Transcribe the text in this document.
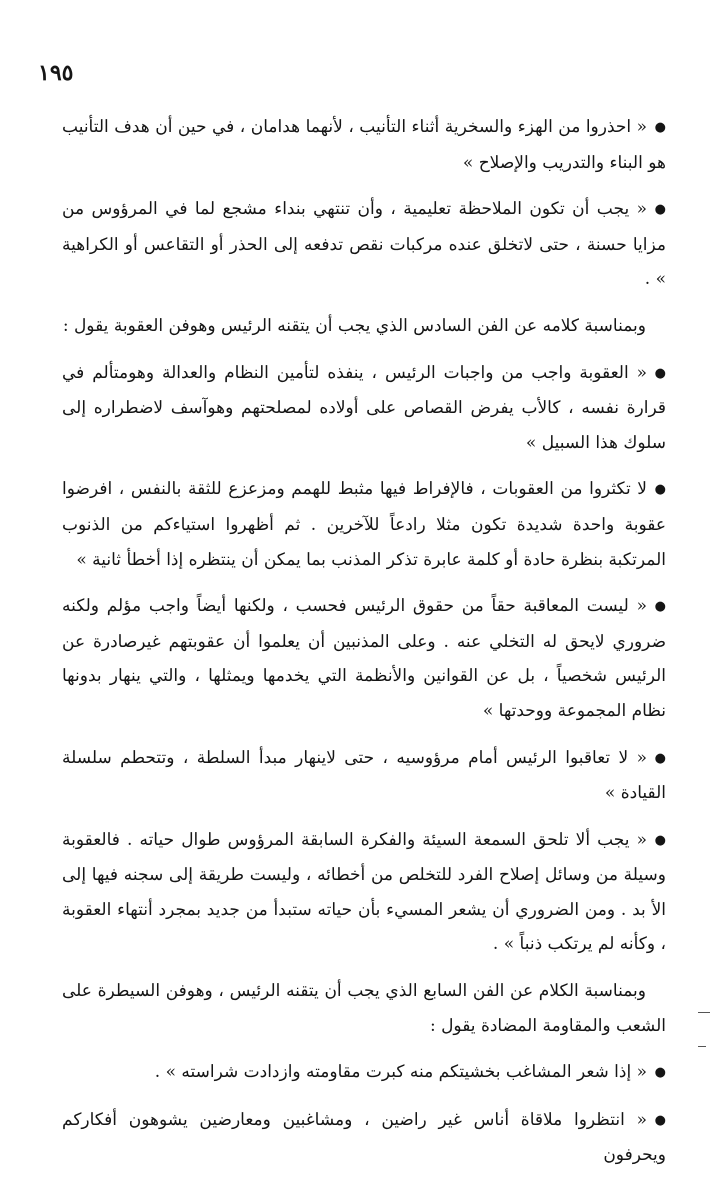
١٩٥

●« احذروا من الهزء والسخرية أثناء التأنيب ، لأنهما هدامان ، في حين أن هدف التأنيب هو البناء والتدريب والإصلاح »

●« يجب أن تكون الملاحظة تعليمية ، وأن تنتهي بنداء مشجع لما في المرؤوس من مزايا حسنة ، حتى لاتخلق عنده مركبات نقص تدفعه إلى الحذر أو التقاعس أو الكراهية » .

وبمناسبة كلامه عن الفن السادس الذي يجب أن يتقنه الرئيس وهوفن العقوبة يقول :

●« العقوبة واجب من واجبات الرئيس ، ينفذه لتأمين النظام والعدالة وهومتألم في قرارة نفسه ، كالأب يفرض القصاص على أولاده لمصلحتهم وهوآسف لاضطراره إلى سلوك هذا السبيل »

●لا تكثروا من العقوبات ، فالإفراط فيها مثبط للهمم ومزعزع للثقة بالنفس ، افرضوا عقوبة واحدة شديدة تكون مثلا رادعاً للآخرين . ثم أظهروا استياءكم من الذنوب المرتكبة بنظرة حادة أو كلمة عابرة تذكر المذنب بما يمكن أن ينتظره إذا أخطأ ثانية »

●« ليست المعاقبة حقاً من حقوق الرئيس فحسب ، ولكنها أيضاً واجب مؤلم ولكنه ضروري لايحق له التخلي عنه . وعلى المذنبين أن يعلموا أن عقوبتهم غيرصادرة عن الرئيس شخصياً ، بل عن القوانين والأنظمة التي يخدمها ويمثلها ، والتي ينهار بدونها نظام المجموعة ووحدتها »

●« لا تعاقبوا الرئيس أمام مرؤوسيه ، حتى لاينهار مبدأ السلطة ، وتتحطم سلسلة القيادة »

●« يجب ألا تلحق السمعة السيئة والفكرة السابقة المرؤوس طوال حياته . فالعقوبة وسيلة من وسائل إصلاح الفرد للتخلص من أخطائه ، وليست طريقة إلى سجنه فيها إلى الأ بد . ومن الضروري أن يشعر المسيء بأن حياته ستبدأ من جديد بمجرد أنتهاء العقوبة ، وكأنه لم يرتكب ذنباً » .

وبمناسبة الكلام عن الفن السابع الذي يجب أن يتقنه الرئيس ، وهوفن السيطرة على الشعب والمقاومة المضادة يقول :

●« إذا شعر المشاغب بخشيتكم منه كبرت مقاومته وازدادت شراسته » .

●« انتظروا ملاقاة أناس غير راضين ، ومشاغبين ومعارضين يشوهون أفكاركم ويحرفون
